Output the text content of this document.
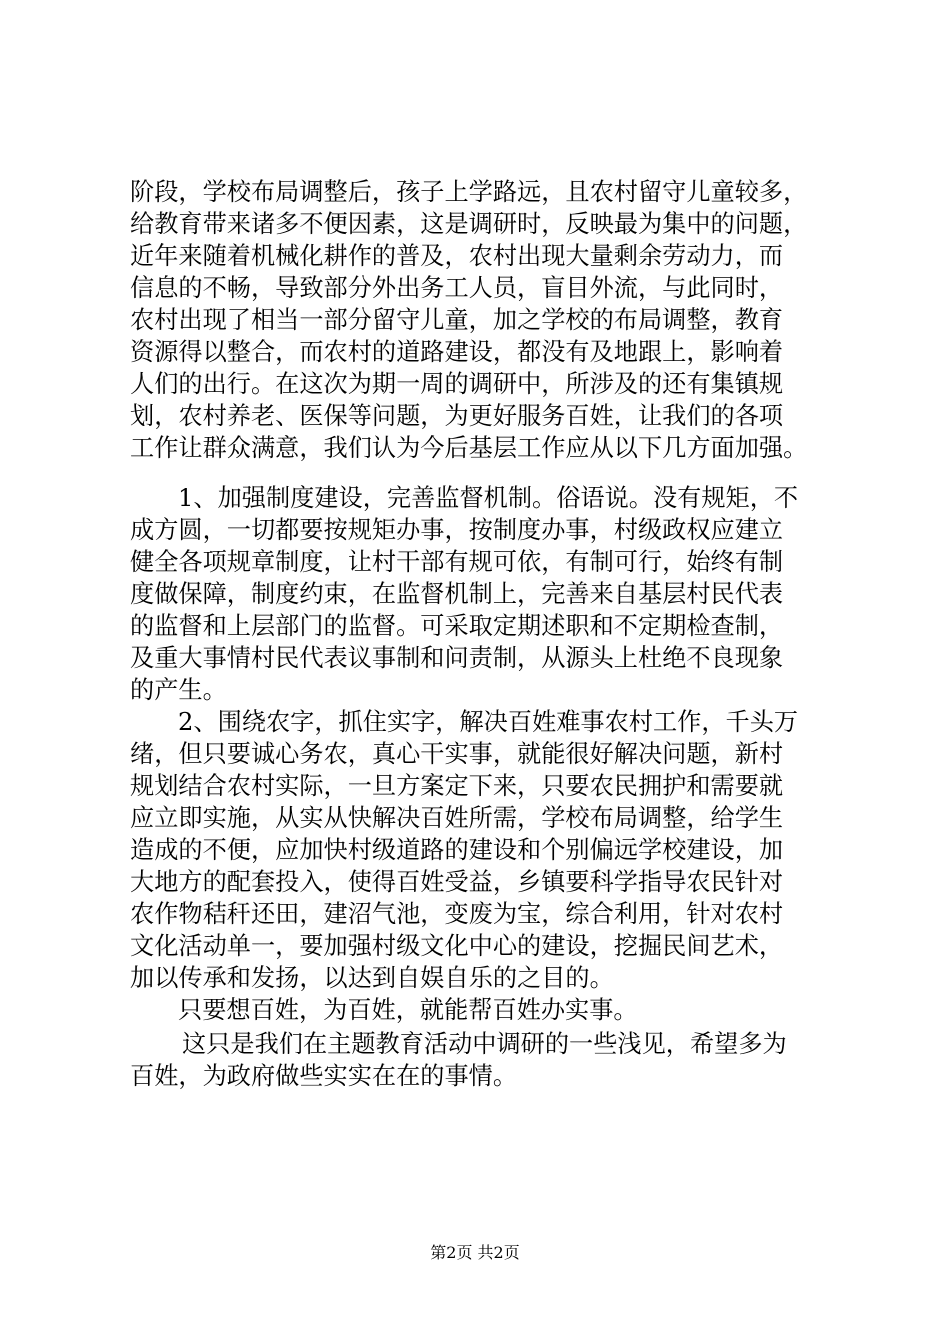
阶段，学校布局调整后，孩子上学路远，且农村留守儿童较多，
给教育带来诸多不便因素，这是调研时，反映最为集中的问题，
近年来随着机械化耕作的普及，农村出现大量剩余劳动力，而
信息的不畅，导致部分外出务工人员，盲目外流，与此同时，
农村出现了相当一部分留守儿童，加之学校的布局调整，教育
资源得以整合，而农村的道路建设，都没有及地跟上，影响着
人们的出行。在这次为期一周的调研中，所涉及的还有集镇规
划，农村养老、医保等问题，为更好服务百姓，让我们的各项
工作让群众满意，我们认为今后基层工作应从以下几方面加强。
1、加强制度建设，完善监督机制。俗语说。没有规矩，不
成方圆，一切都要按规矩办事，按制度办事，村级政权应建立
健全各项规章制度，让村干部有规可依，有制可行，始终有制
度做保障，制度约束，在监督机制上，完善来自基层村民代表
的监督和上层部门的监督。可采取定期述职和不定期检查制，
及重大事情村民代表议事制和问责制，从源头上杜绝不良现象
的产生。
2、围绕农字，抓住实字，解决百姓难事农村工作，千头万
绪，但只要诚心务农，真心干实事，就能很好解决问题，新村
规划结合农村实际，一旦方案定下来，只要农民拥护和需要就
应立即实施，从实从快解决百姓所需，学校布局调整，给学生
造成的不便，应加快村级道路的建设和个别偏远学校建设，加
大地方的配套投入，使得百姓受益，乡镇要科学指导农民针对
农作物秸秆还田，建沼气池，变废为宝，综合利用，针对农村
文化活动单一，要加强村级文化中心的建设，挖掘民间艺术，
加以传承和发扬，以达到自娱自乐的之目的。
只要想百姓，为百姓，就能帮百姓办实事。
这只是我们在主题教育活动中调研的一些浅见，希望多为
百姓，为政府做些实实在在的事情。
第2页 共2页
